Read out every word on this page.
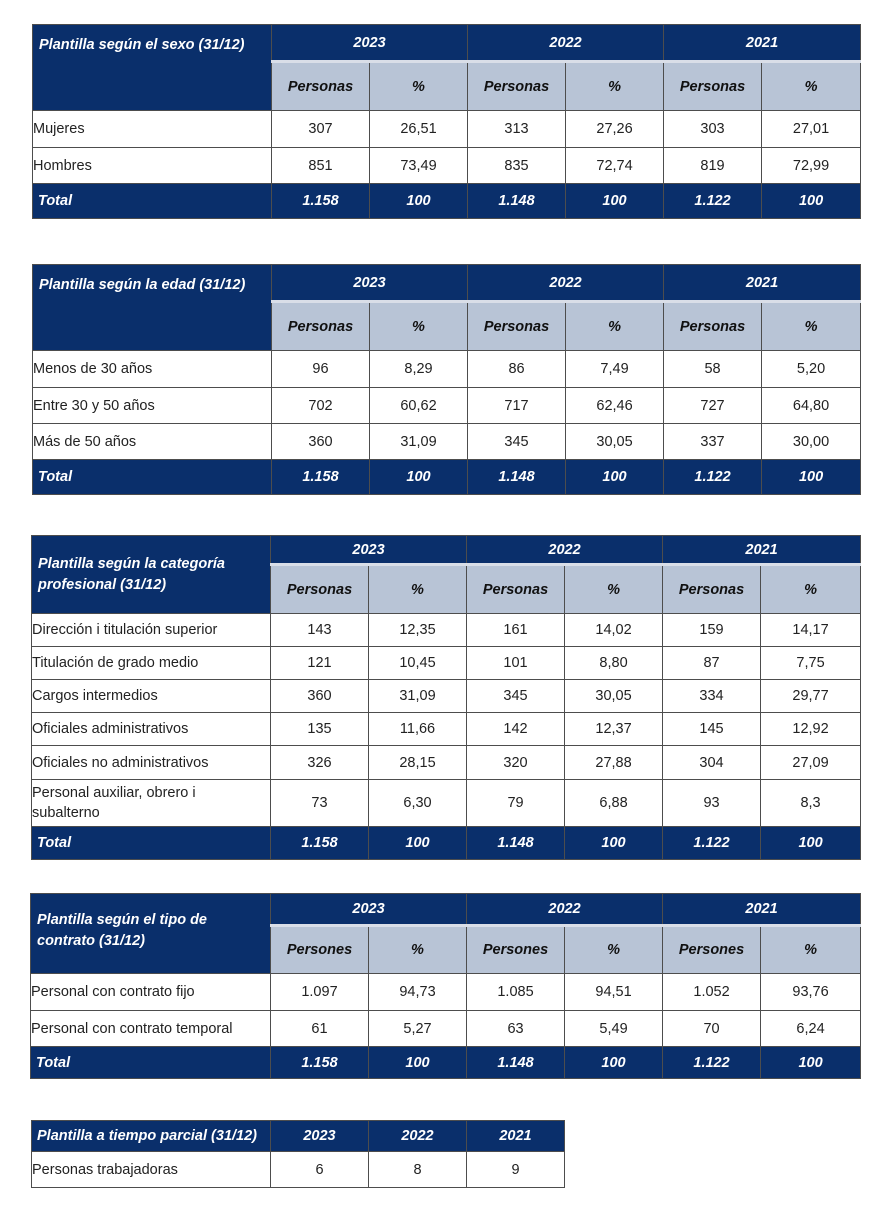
Plantilla según el sexo (31/12)	2023		2022		2021	
	Personas	%	Personas	%	Personas	%
Mujeres	307	26,51	313	27,26	303	27,01
Hombres	851	73,49	835	72,74	819	72,99
Total	1.158	100	1.148	100	1.122	100
Plantilla según la edad (31/12)	2023		2022		2021	
	Personas	%	Personas	%	Personas	%
Menos de 30 años	96	8,29	86	7,49	58	5,20
Entre 30 y 50 años	702	60,62	717	62,46	727	64,80
Más de 50 años	360	31,09	345	30,05	337	30,00
Total	1.158	100	1.148	100	1.122	100
Plantilla según la categoría
profesional (31/12)	2023		2022		2021	
	Personas	%	Personas	%	Personas	%
Dirección i titulación superior	143	12,35	161	14,02	159	14,17
Titulación de grado medio	121	10,45	101	8,80	87	7,75
Cargos intermedios	360	31,09	345	30,05	334	29,77
Oficiales administrativos	135	11,66	142	12,37	145	12,92
Oficiales no administrativos	326	28,15	320	27,88	304	27,09

Personal auxiliar, obrero i
subalterno	73	6,30	79	6,88	93	8,3
Total	1.158	100	1.148	100	1.122	100
Plantilla según el tipo de
contrato (31/12)	2023		2022		2021	
	Persones	%	Persones	%	Persones	%
Personal con contrato fijo	1.097	94,73	1.085	94,51	1.052	93,76
Personal con contrato temporal	61	5,27	63	5,49	70	6,24
Total	1.158	100	1.148	100	1.122	100
Plantilla a tiempo parcial (31/12)	2023	2022	2021
Personas trabajadoras	6	8	9
